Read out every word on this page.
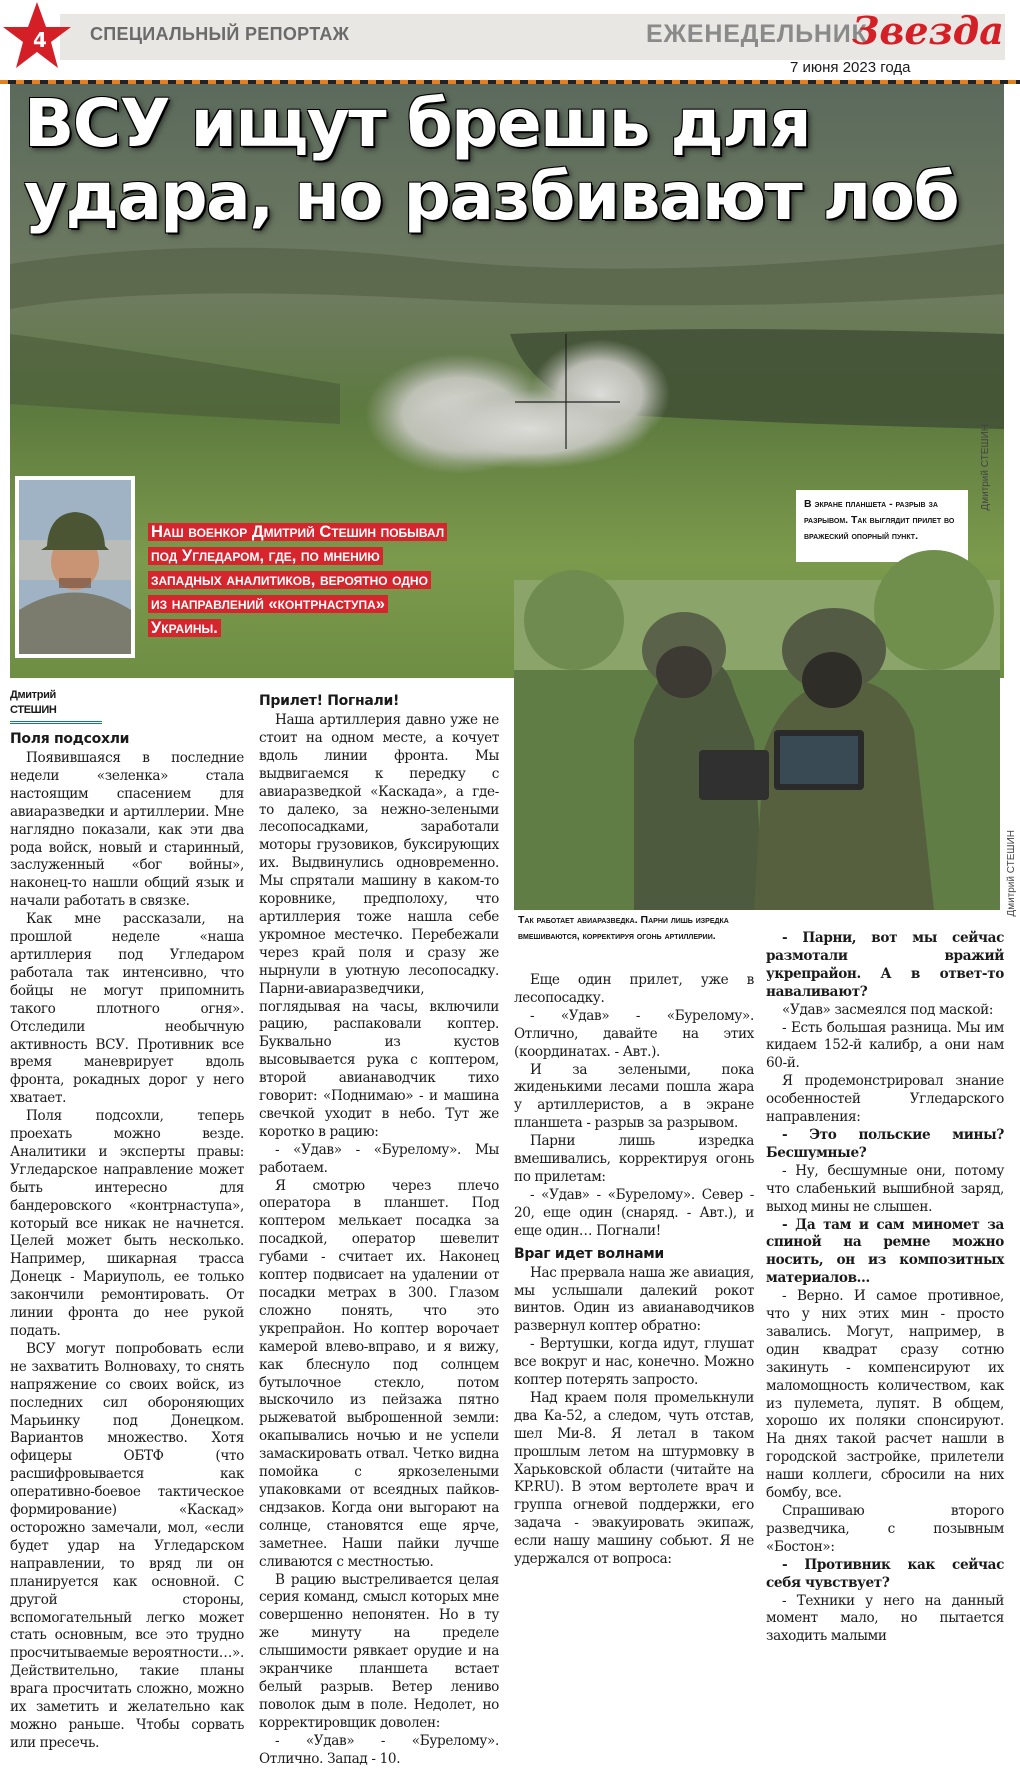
4 СПЕЦИАЛЬНЫЙ РЕПОРТАЖ	ЕЖЕНЕДЕЛЬНИК
Звезда
7 июня 2023 года
ВСУ ищут брешь для удара, но разбивают лоб
Дмитрий СТЕШИН
В экране планшета - разрыв за разрывом. Так выглядит прилет во вражеский опорный пункт.
Наш военкор Дмитрий Стешин побывал под Угледаром, где, по мнению западных аналитиков, вероятно одно из направлений «контрнаступа» Украины.
Дмитрий СТЕШИН
Так работает авиаразведка. Парни лишь изредка вмешиваются, корректируя огонь артиллерии.
Дмитрий СТЕШИН
Поля подсохли

Появившаяся в последние недели «зеленка» стала настоящим спасением для авиаразведки и артиллерии. Мне наглядно показали, как эти два рода войск, новый и старинный, заслуженный «бог войны», наконец-то нашли общий язык и начали работать в связке.

Как мне рассказали, на прошлой неделе «наша артиллерия под Угледаром работала так интенсивно, что бойцы не могут припомнить такого плотного огня». Отследили необычную активность ВСУ. Противник все время маневрирует вдоль фронта, рокадных дорог у него хватает.

Поля подсохли, теперь проехать можно везде. Аналитики и эксперты правы: Угледарское направление может быть интересно для бандеровского «контрнаступа», который все никак не начнется. Целей может быть несколько. Например, шикарная трасса Донецк - Мариуполь, ее только закончили ремонтировать. От линии фронта до нее рукой подать.

ВСУ могут попробовать если не захватить Волноваху, то снять напряжение со своих войск, из последних сил обороняющих Марьинку под Донецком. Вариантов множество. Хотя офицеры ОБТФ (что расшифровывается как оперативно-боевое тактическое формирование) «Каскад» осторожно замечали, мол, «если будет удар на Угледарском направлении, то вряд ли он планируется как основной. С другой стороны, вспомогательный легко может стать основным, все это трудно просчитываемые вероятности…». Действительно, такие планы врага просчитать сложно, можно их заметить и желательно как можно раньше. Чтобы сорвать или пресечь.

Прилет! Погнали!

Наша артиллерия давно уже не стоит на одном месте, а кочует вдоль линии фронта. Мы выдвигаемся к передку с авиаразведкой «Каскада», а где-то далеко, за нежно-зелеными лесопосадками, заработали моторы грузовиков, буксирующих их. Выдвинулись одновременно. Мы спрятали машину в каком-то коровнике, предполоxу, что артиллерия тоже нашла себе укромное местечко. Перебежали через край поля и сразу же нырнули в уютную лесопосадку. Парни-авиаразведчики, поглядывая на часы, включили рацию, распаковали коптер. Буквально из кустов высовывается рука с коптером, второй авианаводчик тихо говорит: «Поднимаю» - и машина свечкой уходит в небо. Тут же коротко в рацию:

- «Удав» - «Бурелому». Мы работаем.

Я смотрю через плечо оператора в планшет. Под коптером мелькает посадка за посадкой, оператор шевелит губами - считает их. Наконец коптер подвисает на удалении от посадки метрах в 300. Глазом сложно понять, что это укрепрайон. Но коптер ворочает камерой влево-вправо, и я вижу, как блеснуло под солнцем бутылочное стекло, потом выскочило из пейзажа пятно рыжеватой выброшенной земли: окапывались ночью и не успели замаскировать отвал. Четко видна помойка с яркозелеными упаковками от всеядных пайков-сндзаков. Когда они выгорают на солнце, становятся еще ярче, заметнее. Наши пайки лучше сливаются с местностью.

В рацию выстреливается целая серия команд, смысл которых мне совершенно непонятен. Но в ту же минуту на пределе слышимости рявкает орудие и на экранчике планшета встает белый разрыв. Ветер лениво поволок дым в поле. Недолет, но корректировщик доволен:

- «Удав» - «Бурелому». Отлично. Запад - 10.

Еще один прилет, уже в лесопосадку.

- «Удав» - «Бурелому». Отлично, давайте на этих (координатах. - Авт.).

И за зелеными, пока жиденькими лесами пошла жара у артиллеристов, а в экране планшета - разрыв за разрывом.

Парни лишь изредка вмешивались, корректируя огонь по прилетам:

- «Удав» - «Бурелому». Север - 20, еще один (снаряд. - Авт.), и еще один… Погнали!

Враг идет волнами

Нас прервала наша же авиация, мы услышали далекий рокот винтов. Один из авианаводчиков развернул коптер обратно:

- Вертушки, когда идут, глушат все вокруг и нас, конечно. Можно коптер потерять запросто.

Над краем поля промелькнули два Ка-52, а следом, чуть отстав, шел Ми-8. Я летал в таком прошлым летом на штурмовку в Харьковской области (читайте на KP.RU). В этом вертолете врач и группа огневой поддержки, его задача - эвакуировать экипаж, если нашу машину собьют. Я не удержался от вопроса:

- Парни, вот мы сейчас размотали вражий укрепрайон. А в ответ-то навaливают?

«Удав» засмеялся под маской:

- Есть большая разница. Мы им кидаем 152-й калибр, а они нам 60-й.

Я продемонстрировал знание особенностей Угледарского направления:

- Это польские мины? Бесшумные?

- Ну, бесшумные они, потому что слабенький вышибной заряд, выход мины не слышен.

- Да там и сам миномет за спиной на ремне можно носить, он из композитных материалов…

- Верно. И самое противное, что у них этих мин - просто завались. Могут, например, в один квадрат сразу сотню закинуть - компенсируют их маломощность количеством, как из пулемета, лупят. В общем, хорошо их поляки спонсируют. На днях такой расчет нашли в городской застройке, прилетели наши коллеги, сбросили на них бомбу, все.

Спрашиваю второго разведчика, с позывным «Бостон»:

- Противник как сейчас себя чувствует?

- Техники у него на данный момент мало, но пытается заходить малыми
